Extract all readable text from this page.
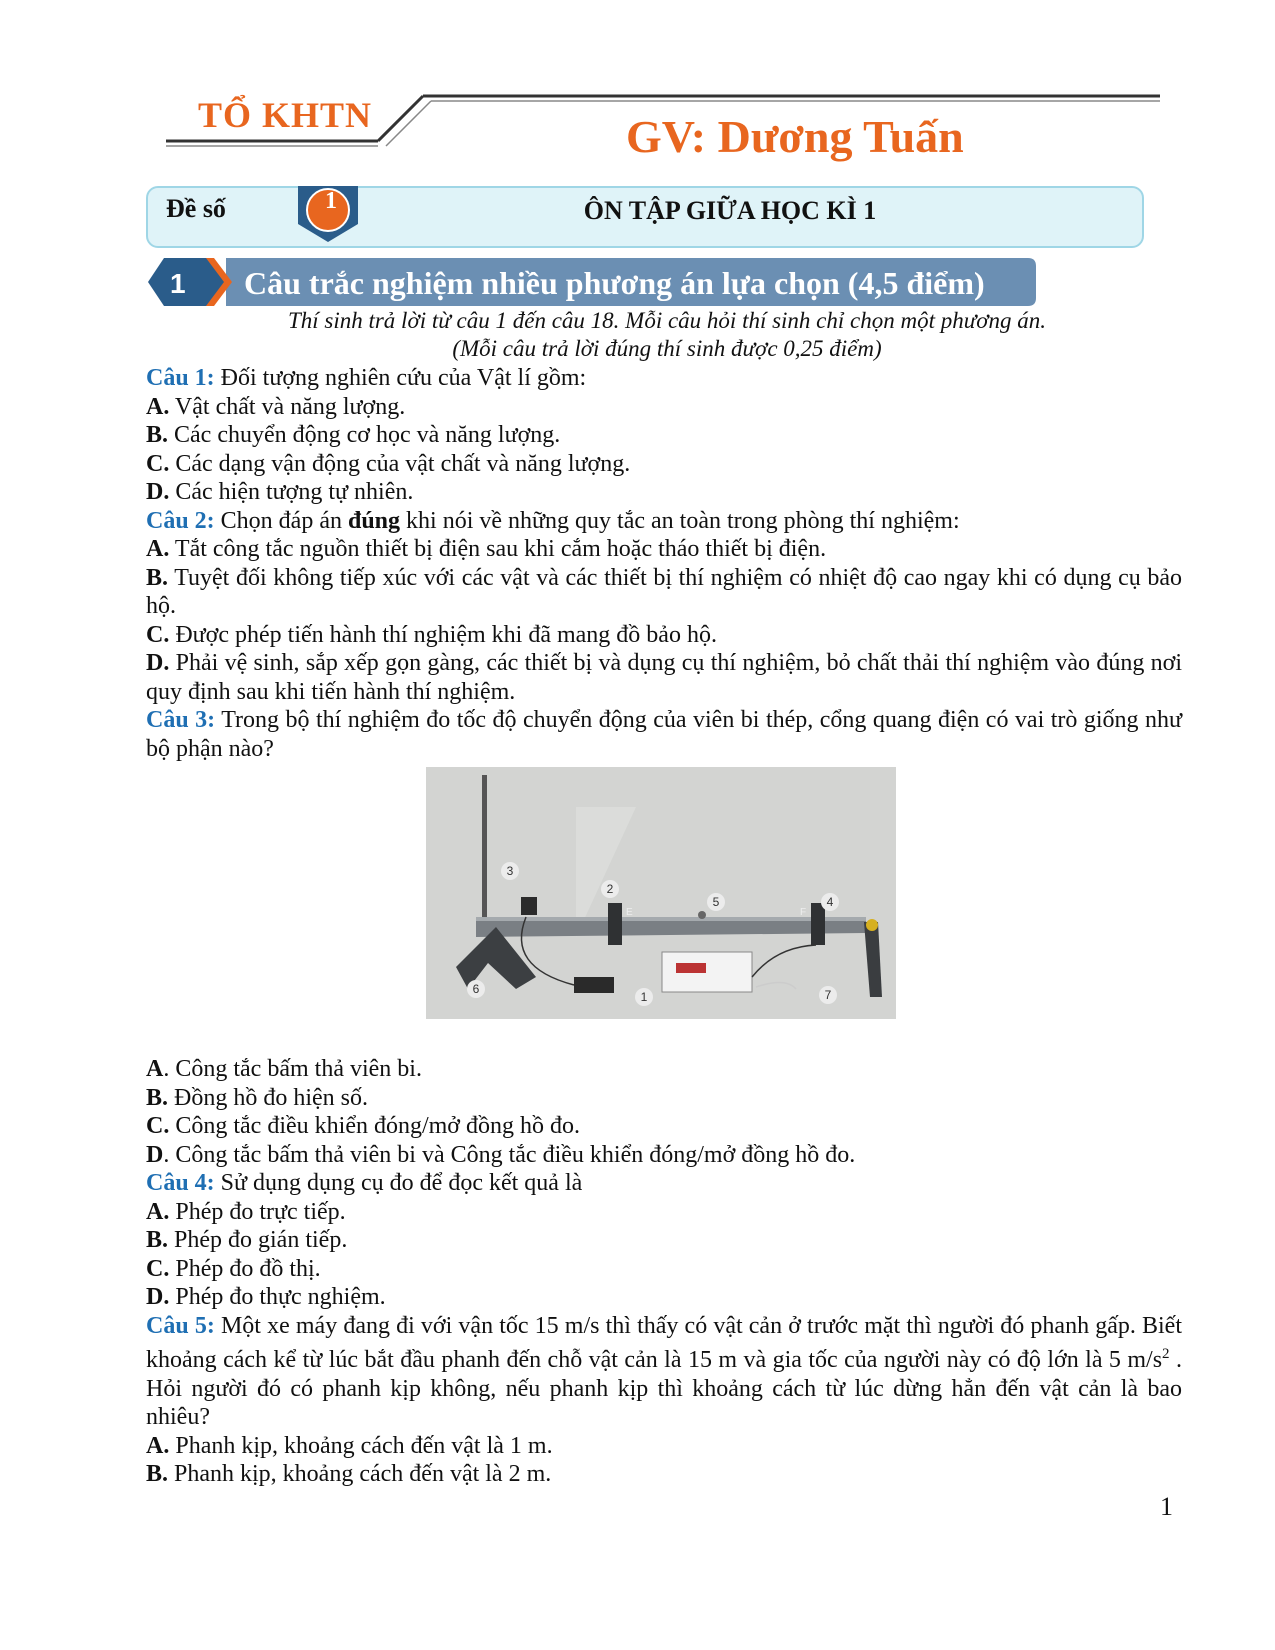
TỔ KHTN	GV: Dương Tuấn
Đề số	1	ÔN TẬP GIỮA HỌC KÌ 1
1 Câu trắc nghiệm nhiều phương án lựa chọn (4,5 điểm)
Thí sinh trả lời từ câu 1 đến câu 18. Mỗi câu hỏi thí sinh chỉ chọn một phương án.
(Mỗi câu trả lời đúng thí sinh được 0,25 điểm)

Câu 1: Đối tượng nghiên cứu của Vật lí gồm:

A. Vật chất và năng lượng.

B. Các chuyển động cơ học và năng lượng.

C. Các dạng vận động của vật chất và năng lượng.

D. Các hiện tượng tự nhiên.

Câu 2: Chọn đáp án đúng khi nói về những quy tắc an toàn trong phòng thí nghiệm:

A. Tắt công tắc nguồn thiết bị điện sau khi cắm hoặc tháo thiết bị điện.

B. Tuyệt đối không tiếp xúc với các vật và các thiết bị thí nghiệm có nhiệt độ cao ngay khi có dụng cụ bảo hộ.

C. Được phép tiến hành thí nghiệm khi đã mang đồ bảo hộ.

D. Phải vệ sinh, sắp xếp gọn gàng, các thiết bị và dụng cụ thí nghiệm, bỏ chất thải thí nghiệm vào đúng nơi quy định sau khi tiến hành thí nghiệm.

Câu 3: Trong bộ thí nghiệm đo tốc độ chuyển động của viên bi thép, cổng quang điện có vai trò giống như bộ phận nào?

3
2
5	4
6
1	7
E	F

A. Công tắc bấm thả viên bi.

B. Đồng hồ đo hiện số.

C. Công tắc điều khiển đóng/mở đồng hồ đo.

D. Công tắc bấm thả viên bi và Công tắc điều khiển đóng/mở đồng hồ đo.

Câu 4: Sử dụng dụng cụ đo để đọc kết quả là

A. Phép đo trực tiếp.

B. Phép đo gián tiếp.

C. Phép đo đồ thị.

D. Phép đo thực nghiệm.

Câu 5: Một xe máy đang đi với vận tốc 15 m/s thì thấy có vật cản ở trước mặt thì người đó phanh gấp. Biết khoảng cách kể từ lúc bắt đầu phanh đến chỗ vật cản là 15 m và gia tốc của người này có độ lớn là 5 $m/s^2$ . Hỏi người đó có phanh kịp không, nếu phanh kịp thì khoảng cách từ lúc dừng hẳn đến vật cản là bao nhiêu?

A. Phanh kịp, khoảng cách đến vật là 1 m.

B. Phanh kịp, khoảng cách đến vật là 2 m.

1
